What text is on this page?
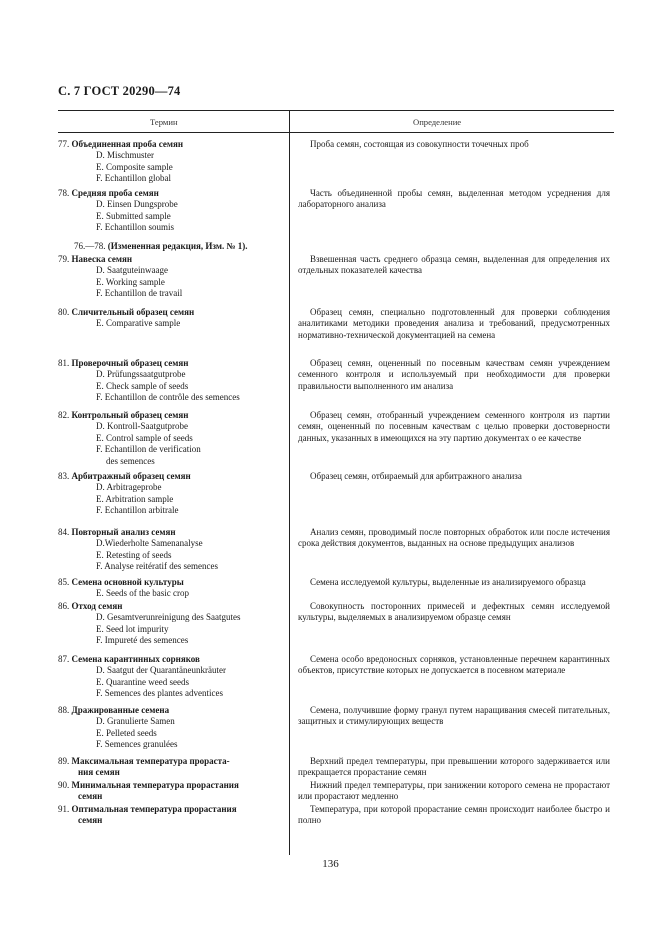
С. 7 ГОСТ 20290—74
Термин	Определение
77. Объединенная проба семян
D. Mischmuster
E. Composite sample
F. Echantillon global
Проба семян, состоящая из совокупности точечных проб
78. Средняя проба семян
D. Einsen Dungsprobe
E. Submitted sample
F. Echantillon soumis
Часть объединенной пробы семян, выделенная методом усреднения для лабораторного анализа
79. Навеска семян
D. Saatguteinwaage
E. Working sample
F. Echantillon de travail
Взвешенная часть среднего образца семян, выделенная для определения их отдельных показателей качества
80. Сличительный образец семян
E. Comparative sample
Образец семян, специально подготовленный для проверки соблюдения аналитиками методики проведения анализа и требований, предусмотренных нормативно-технической документацией на семена
81. Проверочный образец семян
D. Prüfungssaatgutprobe
E. Check sample of seeds
F. Echantillon de contrôle des semences
Образец семян, оцененный по посевным качествам семян учреждением семенного контроля и используемый при необходимости для проверки правильности выполненного им анализа
82. Контрольный образец семян
D. Kontroll-Saatgutprobe
E. Control sample of seeds
F. Echantillon de verification
des semences
Образец семян, отобранный учреждением семенного контроля из партии семян, оцененный по посевным качествам с целью проверки достоверности данных, указанных в имеющихся на эту партию документах о ее качестве
83. Арбитражный образец семян
D. Arbitrageprobe
E. Arbitration sample
F. Echantillon arbitrale
Образец семян, отбираемый для арбитражного анализа
84. Повторный анализ семян
D.Wiederholte Samenanalyse
E. Retesting of seeds
F. Analyse reitératif des semences
Анализ семян, проводимый после повторных обработок или после истечения срока действия документов, выданных на основе предыдущих анализов
85. Семена основной культуры
E. Seeds of the basic crop
Семена исследуемой культуры, выделенные из анализируемого образца
86. Отход семян
D. Gesamtverunreinigung des Saatgutes
E. Seed lot impurity
F. Impureté des semences
Совокупность посторонних примесей и дефектных семян исследуемой культуры, выделяемых в анализируемом образце семян
87. Семена карантинных сорняков
D. Saatgut der Quarantäneunkräuter
E. Quarantine weed seeds
F. Semences des plantes adventices
Семена особо вредоносных сорняков, установленные перечнем карантинных объектов, присутствие которых не допускается в посевном материале
88. Дражированные семена
D. Granulierte Samen
E. Pelleted seeds
F. Semences granulées
Семена, получившие форму гранул путем наращивания смесей питательных, защитных и стимулирующих веществ
89. Максимальная температура прораста-
ния семян
Верхний предел температуры, при превышении которого задерживается или прекращается прорастание семян
90. Минимальная температура прорастания
семян
Нижний предел температуры, при занижении которого семена не прорастают или прорастают медленно
91. Оптимальная температура прорастания
семян
Температура, при которой прорастание семян происходит наиболее быстро и полно
76.—78. (Измененная редакция, Изм. № 1).
136
